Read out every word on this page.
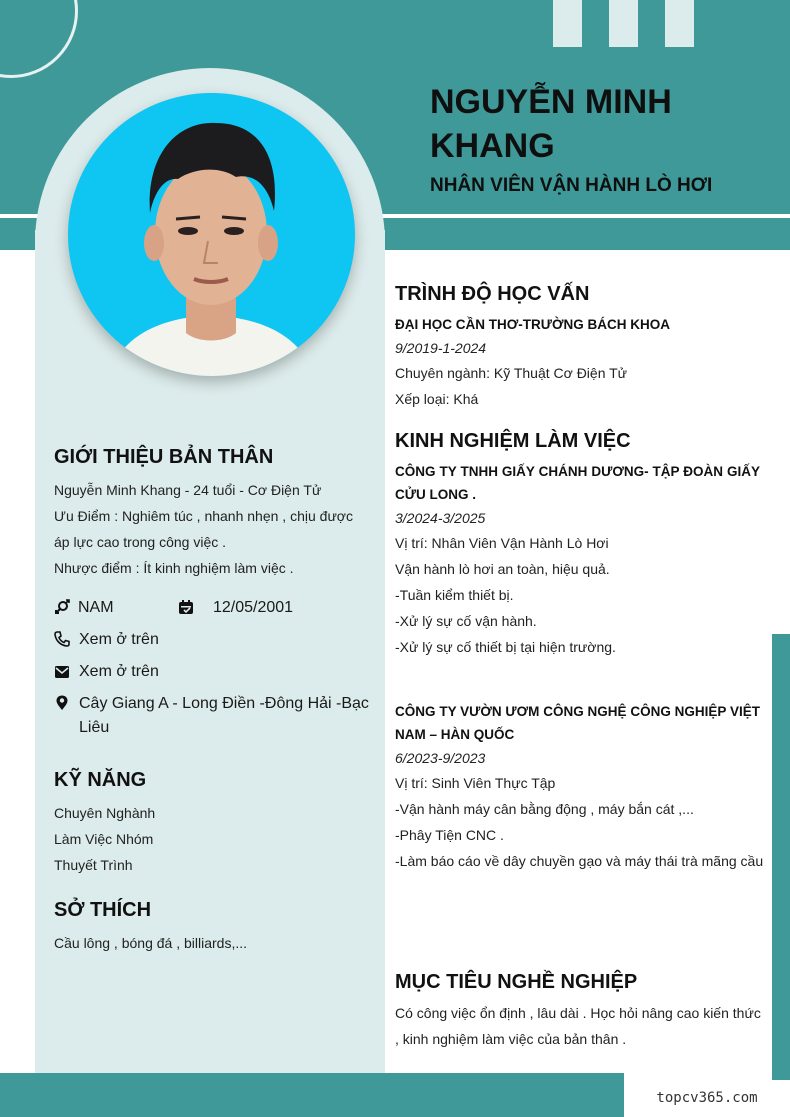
topcv365.com
NGUYỄN MINH KHANG
NHÂN VIÊN VẬN HÀNH LÒ HƠI
GIỚI THIỆU BẢN THÂN
Nguyễn Minh Khang - 24 tuổi - Cơ Điện Tử
Ưu Điểm : Nghiêm túc , nhanh nhẹn , chịu được áp lực cao trong công việc .
Nhược điểm : Ít kinh nghiệm làm việc .
NAM	12/05/2001
Xem ở trên
Xem ở trên
Cây Giang A - Long Điền -Đông Hải -Bạc Liêu
KỸ NĂNG
Chuyên Nghành
Làm Việc Nhóm
Thuyết Trình
SỞ THÍCH
Cầu lông , bóng đá , billiards,...
TRÌNH ĐỘ HỌC VẤN
ĐẠI HỌC CẦN THƠ-TRƯỜNG BÁCH KHOA
9/2019-1-2024
Chuyên ngành: Kỹ Thuật Cơ Điện Tử
Xếp loại: Khá
KINH NGHIỆM LÀM VIỆC
CÔNG TY TNHH GIẤY CHÁNH DƯƠNG- TẬP ĐOÀN GIẤY CỬU LONG .
3/2024-3/2025
Vị trí: Nhân Viên Vận Hành Lò Hơi
Vận hành lò hơi an toàn, hiệu quả.
-Tuần kiểm thiết bị.
-Xử lý sự cố vận hành.
-Xử lý sự cố thiết bị tại hiện trường.
CÔNG TY VƯỜN ƯƠM CÔNG NGHỆ CÔNG NGHIỆP VIỆT NAM – HÀN QUỐC
6/2023-9/2023
Vị trí: Sinh Viên Thực Tập
-Vận hành máy cân bằng động , máy bắn cát ,...
-Phây Tiện CNC .
-Làm báo cáo về dây chuyền gạo và máy thái trà mãng cầu
MỤC TIÊU NGHỀ NGHIỆP
Có công việc ổn định , lâu dài . Học hỏi nâng cao kiến thức , kinh nghiệm làm việc của bản thân .
